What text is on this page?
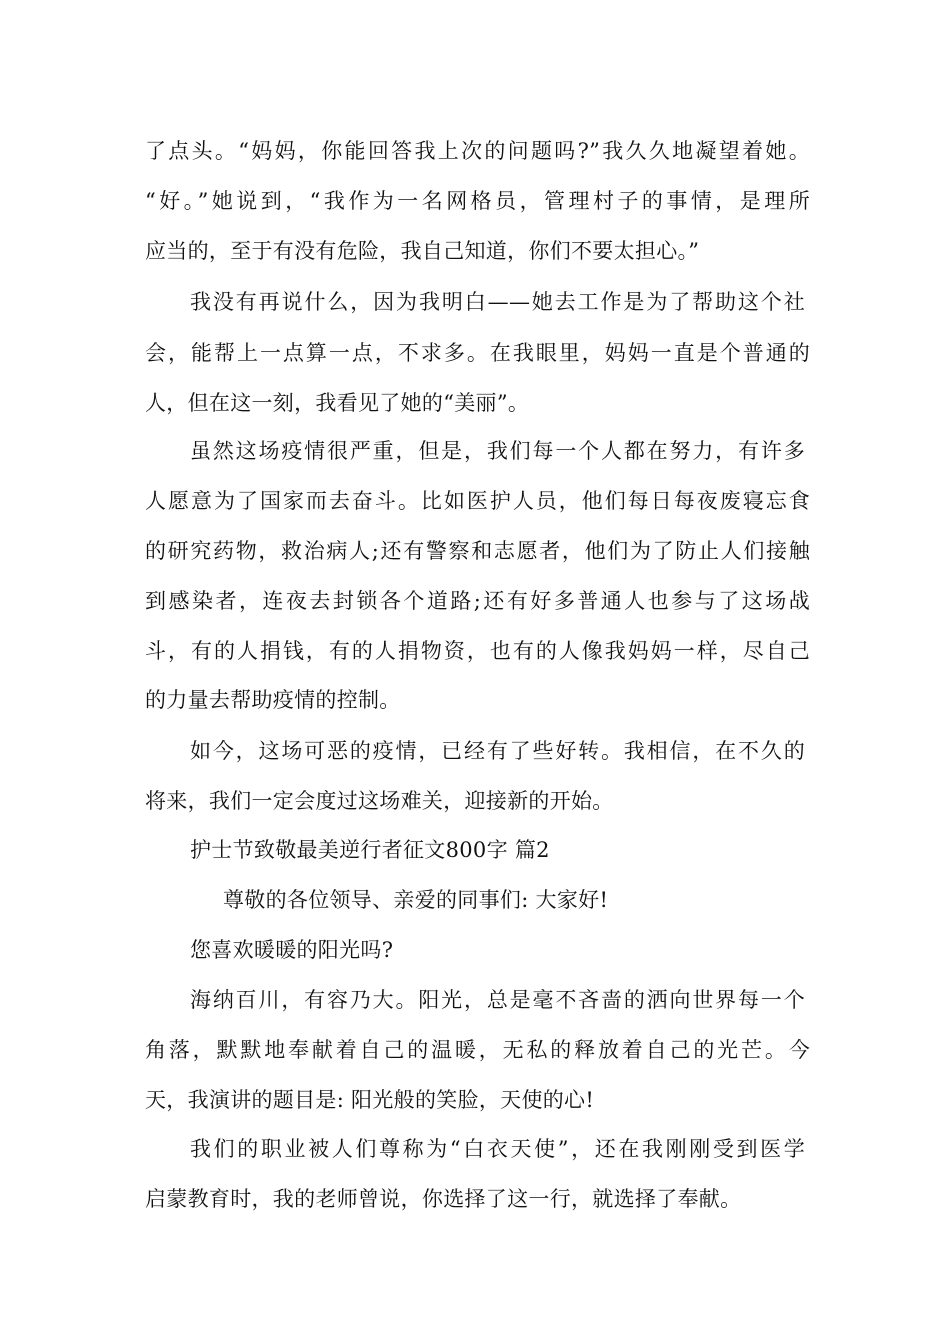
了点头。“妈妈，你能回答我上次的问题吗?”我久久地凝望着她。
“好。”她说到，“我作为一名网格员，管理村子的事情，是理所
应当的，至于有没有危险，我自己知道，你们不要太担心。”
我没有再说什么，因为我明白——她去工作是为了帮助这个社
会，能帮上一点算一点，不求多。在我眼里，妈妈一直是个普通的
人，但在这一刻，我看见了她的“美丽”。
虽然这场疫情很严重，但是，我们每一个人都在努力，有许多
人愿意为了国家而去奋斗。比如医护人员，他们每日每夜废寝忘食
的研究药物，救治病人;还有警察和志愿者，他们为了防止人们接触
到感染者，连夜去封锁各个道路;还有好多普通人也参与了这场战
斗，有的人捐钱，有的人捐物资，也有的人像我妈妈一样，尽自己
的力量去帮助疫情的控制。
如今，这场可恶的疫情，已经有了些好转。我相信，在不久的
将来，我们一定会度过这场难关，迎接新的开始。
护士节致敬最美逆行者征文800字 篇2
尊敬的各位领导、亲爱的同事们: 大家好!
您喜欢暖暖的阳光吗?
海纳百川，有容乃大。阳光，总是毫不吝啬的洒向世界每一个
角落，默默地奉献着自己的温暖，无私的释放着自己的光芒。今
天，我演讲的题目是: 阳光般的笑脸，天使的心!
我们的职业被人们尊称为“白衣天使”，还在我刚刚受到医学
启蒙教育时，我的老师曾说，你选择了这一行，就选择了奉献。
